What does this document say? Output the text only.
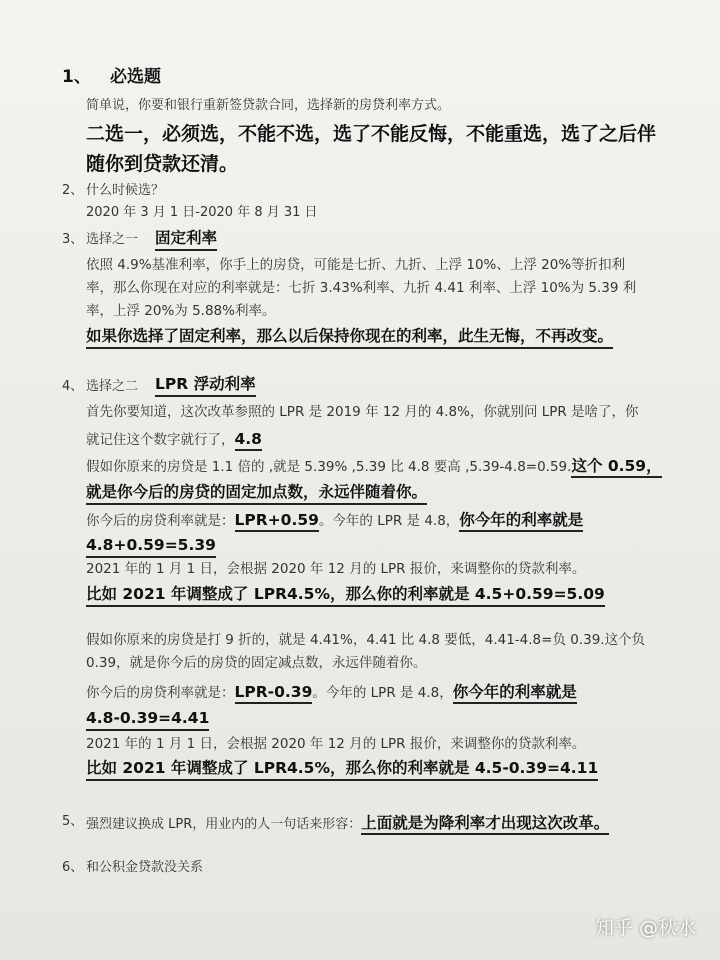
1、 必选题
简单说，你要和银行重新签贷款合同，选择新的房贷利率方式。
二选一，必须选，不能不选，选了不能反悔，不能重选，选了之后伴
随你到贷款还清。
2、 什么时候选？
2020 年 3 月 1 日-2020 年 8 月 31 日
3、 选择之一 固定利率
依照 4.9%基准利率，你手上的房贷，可能是七折、九折、上浮 10%、上浮 20%等折扣利
率，那么你现在对应的利率就是：七折 3.43%利率、九折 4.41 利率、上浮 10%为 5.39 利
率，上浮 20%为 5.88%利率。
如果你选择了固定利率，那么以后保持你现在的利率，此生无悔，不再改变。
4、 选择之二 LPR 浮动利率
首先你要知道，这次改革参照的 LPR 是 2019 年 12 月的 4.8%，你就别问 LPR 是啥了，你
就记住这个数字就行了，4.8
假如你原来的房贷是 1.1 倍的 ,就是 5.39% ,5.39 比 4.8 要高 ,5.39-4.8=0.59.这个 0.59，
就是你今后的房贷的固定加点数，永远伴随着你。
你今后的房贷利率就是：LPR+0.59。今年的 LPR 是 4.8，你今年的利率就是
4.8+0.59=5.39
2021 年的 1 月 1 日，会根据 2020 年 12 月的 LPR 报价，来调整你的贷款利率。
比如 2021 年调整成了 LPR4.5%，那么你的利率就是 4.5+0.59=5.09
假如你原来的房贷是打 9 折的，就是 4.41%，4.41 比 4.8 要低，4.41-4.8=负 0.39.这个负
0.39，就是你今后的房贷的固定减点数，永远伴随着你。
你今后的房贷利率就是：LPR-0.39。今年的 LPR 是 4.8，你今年的利率就是
4.8-0.39=4.41
2021 年的 1 月 1 日，会根据 2020 年 12 月的 LPR 报价，来调整你的贷款利率。
比如 2021 年调整成了 LPR4.5%，那么你的利率就是 4.5-0.39=4.11
5、 强烈建议换成 LPR，用业内的人一句话来形容：上面就是为降利率才出现这次改革。
6、 和公积金贷款没关系
知乎 @秋水
